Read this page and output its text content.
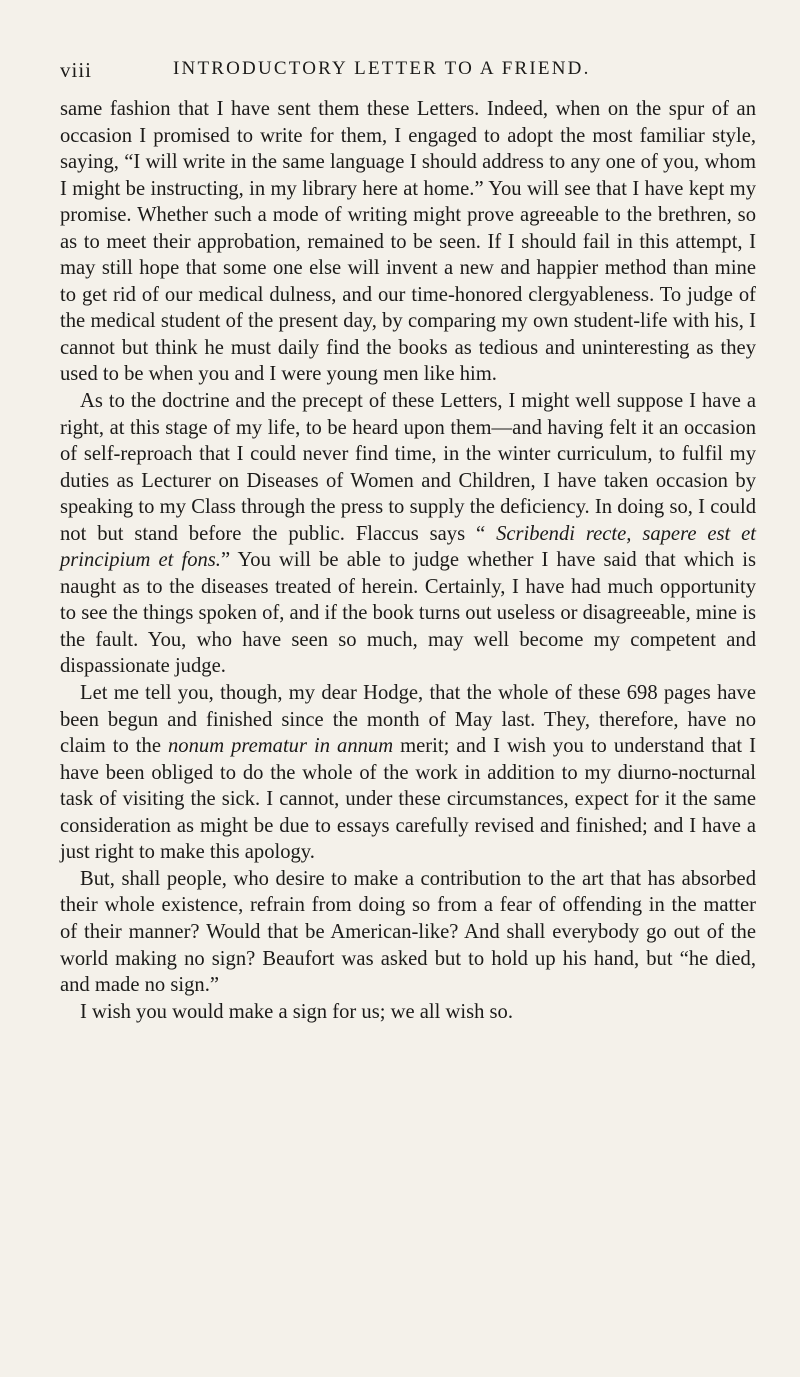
viii	INTRODUCTORY LETTER TO A FRIEND.

same fashion that I have sent them these Letters. Indeed, when on the spur of an occasion I promised to write for them, I engaged to adopt the most familiar style, saying, “I will write in the same language I should address to any one of you, whom I might be instructing, in my library here at home.” You will see that I have kept my promise. Whether such a mode of writing might prove agreeable to the brethren, so as to meet their approbation, remained to be seen. If I should fail in this attempt, I may still hope that some one else will invent a new and happier method than mine to get rid of our medical dulness, and our time-honored clergyableness. To judge of the medical student of the present day, by comparing my own student-life with his, I cannot but think he must daily find the books as tedious and uninteresting as they used to be when you and I were young men like him.

As to the doctrine and the precept of these Letters, I might well suppose I have a right, at this stage of my life, to be heard upon them—and having felt it an occasion of self-reproach that I could never find time, in the winter curriculum, to fulfil my duties as Lecturer on Diseases of Women and Children, I have taken occasion by speaking to my Class through the press to supply the deficiency. In doing so, I could not but stand before the public. Flaccus says “ Scribendi recte, sapere est et principium et fons.” You will be able to judge whether I have said that which is naught as to the diseases treated of herein. Certainly, I have had much opportunity to see the things spoken of, and if the book turns out useless or disagreeable, mine is the fault. You, who have seen so much, may well become my competent and dispassionate judge.

Let me tell you, though, my dear Hodge, that the whole of these 698 pages have been begun and finished since the month of May last. They, therefore, have no claim to the nonum prematur in annum merit; and I wish you to understand that I have been obliged to do the whole of the work in addition to my diurno-nocturnal task of visiting the sick. I cannot, under these circumstances, expect for it the same consideration as might be due to essays carefully revised and finished; and I have a just right to make this apology.

But, shall people, who desire to make a contribution to the art that has absorbed their whole existence, refrain from doing so from a fear of offending in the matter of their manner? Would that be American-like? And shall everybody go out of the world making no sign? Beaufort was asked but to hold up his hand, but “he died, and made no sign.”

I wish you would make a sign for us; we all wish so.
